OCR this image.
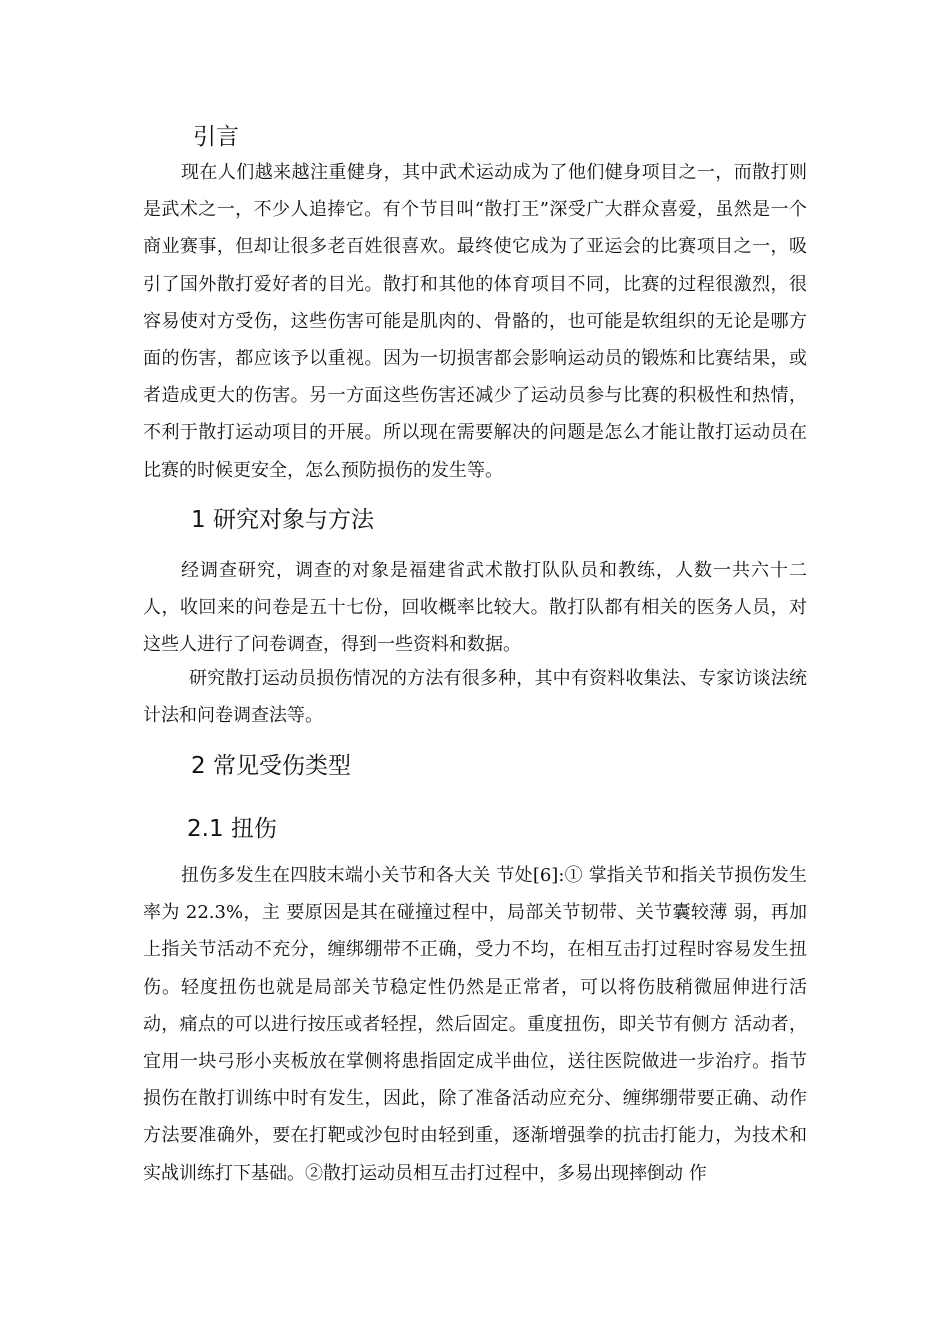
引言
现在人们越来越注重健身，其中武术运动成为了他们健身项目之一，而散打则是武术之一，不少人追捧它。有个节目叫“散打王”深受广大群众喜爱，虽然是一个商业赛事，但却让很多老百姓很喜欢。最终使它成为了亚运会的比赛项目之一，吸引了国外散打爱好者的目光。散打和其他的体育项目不同，比赛的过程很激烈，很容易使对方受伤，这些伤害可能是肌肉的、骨骼的，也可能是软组织的无论是哪方面的伤害，都应该予以重视。因为一切损害都会影响运动员的锻炼和比赛结果，或者造成更大的伤害。另一方面这些伤害还减少了运动员参与比赛的积极性和热情，不利于散打运动项目的开展。所以现在需要解决的问题是怎么才能让散打运动员在比赛的时候更安全，怎么预防损伤的发生等。
1 研究对象与方法
经调查研究，调查的对象是福建省武术散打队队员和教练，人数一共六十二人，收回来的问卷是五十七份，回收概率比较大。散打队都有相关的医务人员，对这些人进行了问卷调查，得到一些资料和数据。
研究散打运动员损伤情况的方法有很多种，其中有资料收集法、专家访谈法统计法和问卷调查法等。
2 常见受伤类型
2.1 扭伤
扭伤多发生在四肢末端小关节和各大关 节处[6]:① 掌指关节和指关节损伤发生率为 22.3%，主 要原因是其在碰撞过程中，局部关节韧带、关节囊较薄 弱，再加上指关节活动不充分，缠绑绷带不正确，受力不均，在相互击打过程时容易发生扭伤。轻度扭伤也就是局部关节稳定性仍然是正常者，可以将伤肢稍微屈伸进行活动，痛点的可以进行按压或者轻捏，然后固定。重度扭伤，即关节有侧方 活动者，宜用一块弓形小夹板放在掌侧将患指固定成半曲位，送往医院做进一步治疗。指节损伤在散打训练中时有发生，因此，除了准备活动应充分、缠绑绷带要正确、动作方法要准确外，要在打靶或沙包时由轻到重，逐渐增强拳的抗击打能力，为技术和实战训练打下基础。②散打运动员相互击打过程中，多易出现摔倒动 作
